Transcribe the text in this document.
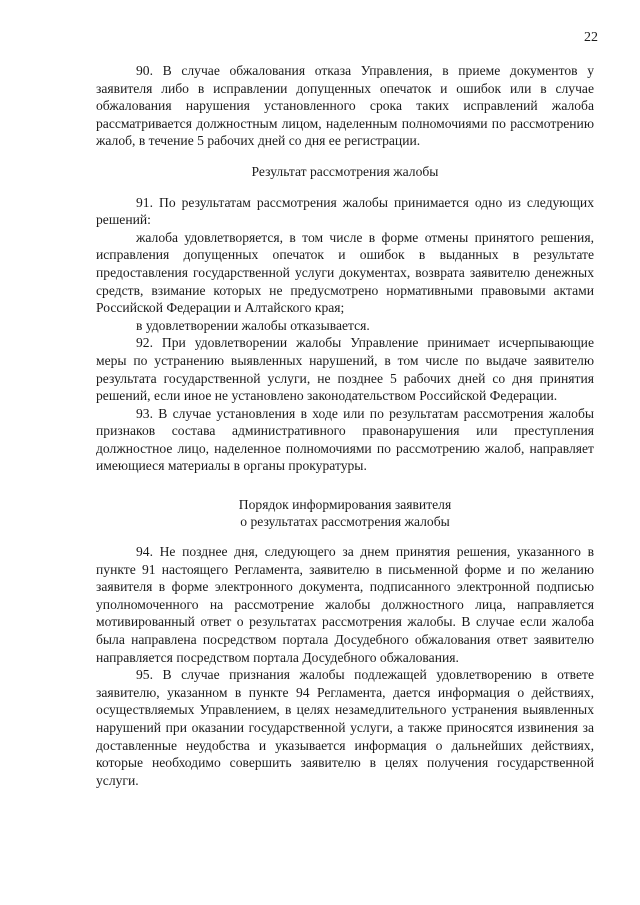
22

90. В случае обжалования отказа Управления, в приеме документов у заявителя либо в исправлении допущенных опечаток и ошибок или в случае обжалования нарушения установленного срока таких исправлений жалоба рассматривается должностным лицом, наделенным полномочиями по рассмотрению жалоб, в течение 5 рабочих дней со дня ее регистрации.

Результат рассмотрения жалобы

91. По результатам рассмотрения жалобы принимается одно из следующих решений:

жалоба удовлетворяется, в том числе в форме отмены принятого решения, исправления допущенных опечаток и ошибок в выданных в результате предоставления государственной услуги документах, возврата заявителю денежных средств, взимание которых не предусмотрено нормативными правовыми актами Российской Федерации и Алтайского края;

в удовлетворении жалобы отказывается.

92. При удовлетворении жалобы Управление принимает исчерпывающие меры по устранению выявленных нарушений, в том числе по выдаче заявителю результата государственной услуги, не позднее 5 рабочих дней со дня принятия решений, если иное не установлено законодательством Российской Федерации.

93. В случае установления в ходе или по результатам рассмотрения жалобы признаков состава административного правонарушения или преступления должностное лицо, наделенное полномочиями по рассмотрению жалоб, направляет имеющиеся материалы в органы прокуратуры.

Порядок информирования заявителя
о результатах рассмотрения жалобы

94. Не позднее дня, следующего за днем принятия решения, указанного в пункте 91 настоящего Регламента, заявителю в письменной форме и по желанию заявителя в форме электронного документа, подписанного электронной подписью уполномоченного на рассмотрение жалобы должностного лица, направляется мотивированный ответ о результатах рассмотрения жалобы. В случае если жалоба была направлена посредством портала Досудебного обжалования ответ заявителю направляется посредством портала Досудебного обжалования.

95. В случае признания жалобы подлежащей удовлетворению в ответе заявителю, указанном в пункте 94 Регламента, дается информация о действиях, осуществляемых Управлением, в целях незамедлительного устранения выявленных нарушений при оказании государственной услуги, а также приносятся извинения за доставленные неудобства и указывается информация о дальнейших действиях, которые необходимо совершить заявителю в целях получения государственной услуги.
